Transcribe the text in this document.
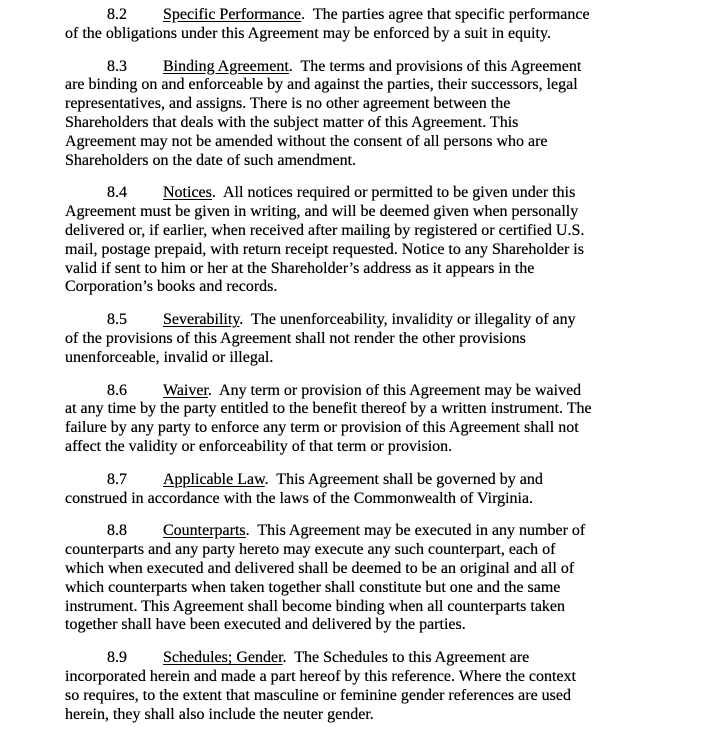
8.2 Specific Performance.  The parties agree that specific performance
of the obligations under this Agreement may be enforced by a suit in equity.

8.3 Binding Agreement.  The terms and provisions of this Agreement
are binding on and enforceable by and against the parties, their successors, legal
representatives, and assigns. There is no other agreement between the
Shareholders that deals with the subject matter of this Agreement. This
Agreement may not be amended without the consent of all persons who are
Shareholders on the date of such amendment.

8.4 Notices.  All notices required or permitted to be given under this
Agreement must be given in writing, and will be deemed given when personally
delivered or, if earlier, when received after mailing by registered or certified U.S.
mail, postage prepaid, with return receipt requested. Notice to any Shareholder is
valid if sent to him or her at the Shareholder’s address as it appears in the
Corporation’s books and records.

8.5 Severability.  The unenforceability, invalidity or illegality of any
of the provisions of this Agreement shall not render the other provisions
unenforceable, invalid or illegal.

8.6 Waiver.  Any term or provision of this Agreement may be waived
at any time by the party entitled to the benefit thereof by a written instrument. The
failure by any party to enforce any term or provision of this Agreement shall not
affect the validity or enforceability of that term or provision.

8.7 Applicable Law.  This Agreement shall be governed by and
construed in accordance with the laws of the Commonwealth of Virginia.

8.8 Counterparts.  This Agreement may be executed in any number of
counterparts and any party hereto may execute any such counterpart, each of
which when executed and delivered shall be deemed to be an original and all of
which counterparts when taken together shall constitute but one and the same
instrument. This Agreement shall become binding when all counterparts taken
together shall have been executed and delivered by the parties.

8.9 Schedules; Gender.  The Schedules to this Agreement are
incorporated herein and made a part hereof by this reference. Where the context
so requires, to the extent that masculine or feminine gender references are used
herein, they shall also include the neuter gender.
